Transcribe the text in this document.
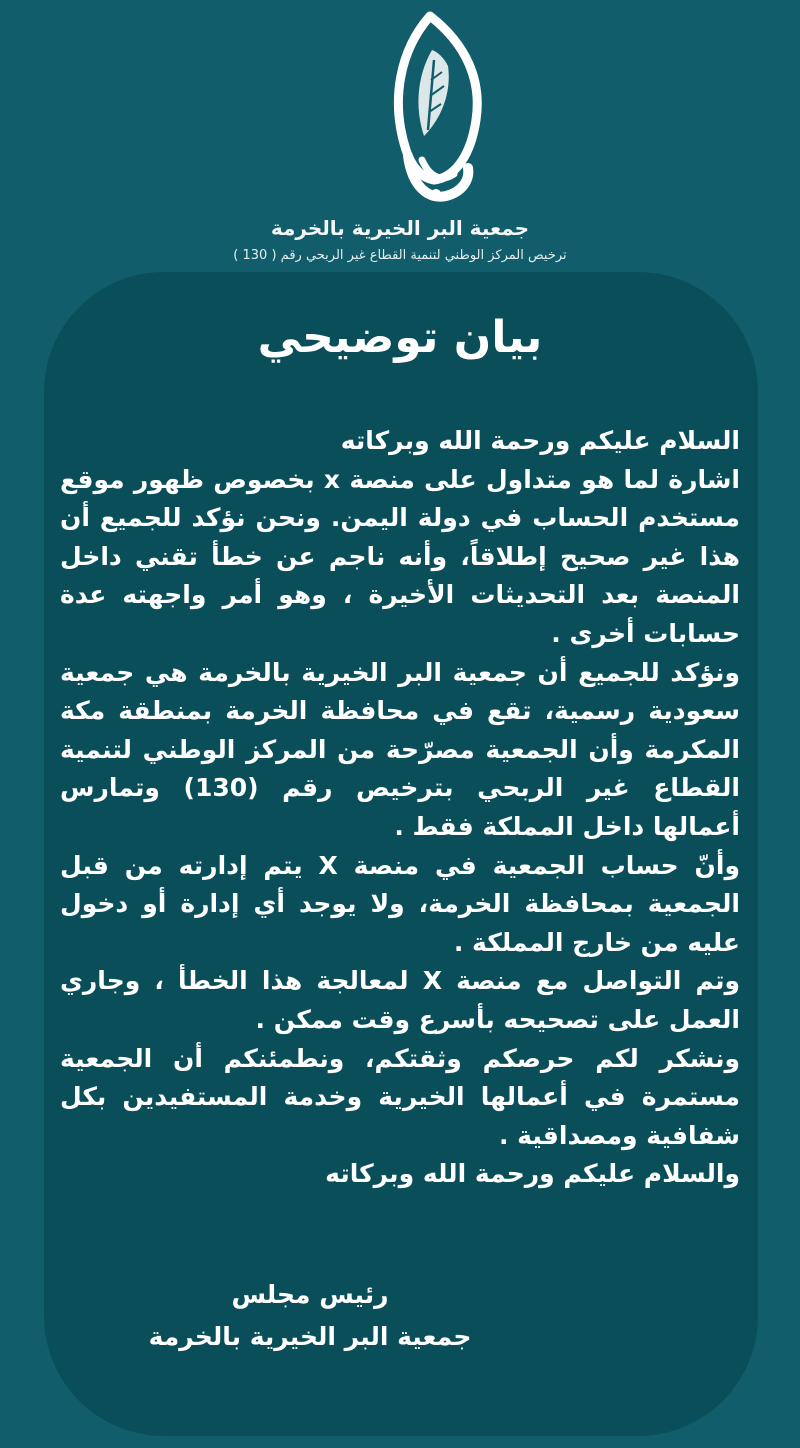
جمعية البر الخيرية بالخرمة
ترخيص المركز الوطني لتنمية القطاع غير الربحي رقم ( 130 )
بيان توضيحي

السلام عليكم ورحمة الله وبركاته

اشارة لما هو متداول على منصة x بخصوص ظهور موقع مستخدم الحساب في دولة اليمن. ونحن نؤكد للجميع أن هذا غير صحيح إطلاقاً، وأنه ناجم عن خطأ تقني داخل المنصة بعد التحديثات الأخيرة ، وهو أمر واجهته عدة حسابات أخرى .

ونؤكد للجميع أن جمعية البر الخيرية بالخرمة هي جمعية سعودية رسمية، تقع في محافظة الخرمة بمنطقة مكة المكرمة وأن الجمعية مصرّحة من المركز الوطني لتنمية القطاع غير الربحي بترخيص رقم (130) وتمارس أعمالها داخل المملكة فقط .

وأنّ حساب الجمعية في منصة X يتم إدارته من قبل الجمعية بمحافظة الخرمة، ولا يوجد أي إدارة أو دخول عليه من خارج المملكة .

وتم التواصل مع منصة X لمعالجة هذا الخطأ ، وجاري العمل على تصحيحه بأسرع وقت ممكن .

ونشكر لكم حرصكم وثقتكم، ونطمئنكم أن الجمعية مستمرة في أعمالها الخيرية وخدمة المستفيدين بكل شفافية ومصداقية .

والسلام عليكم ورحمة الله وبركاته

رئيس مجلس
جمعية البر الخيرية بالخرمة
